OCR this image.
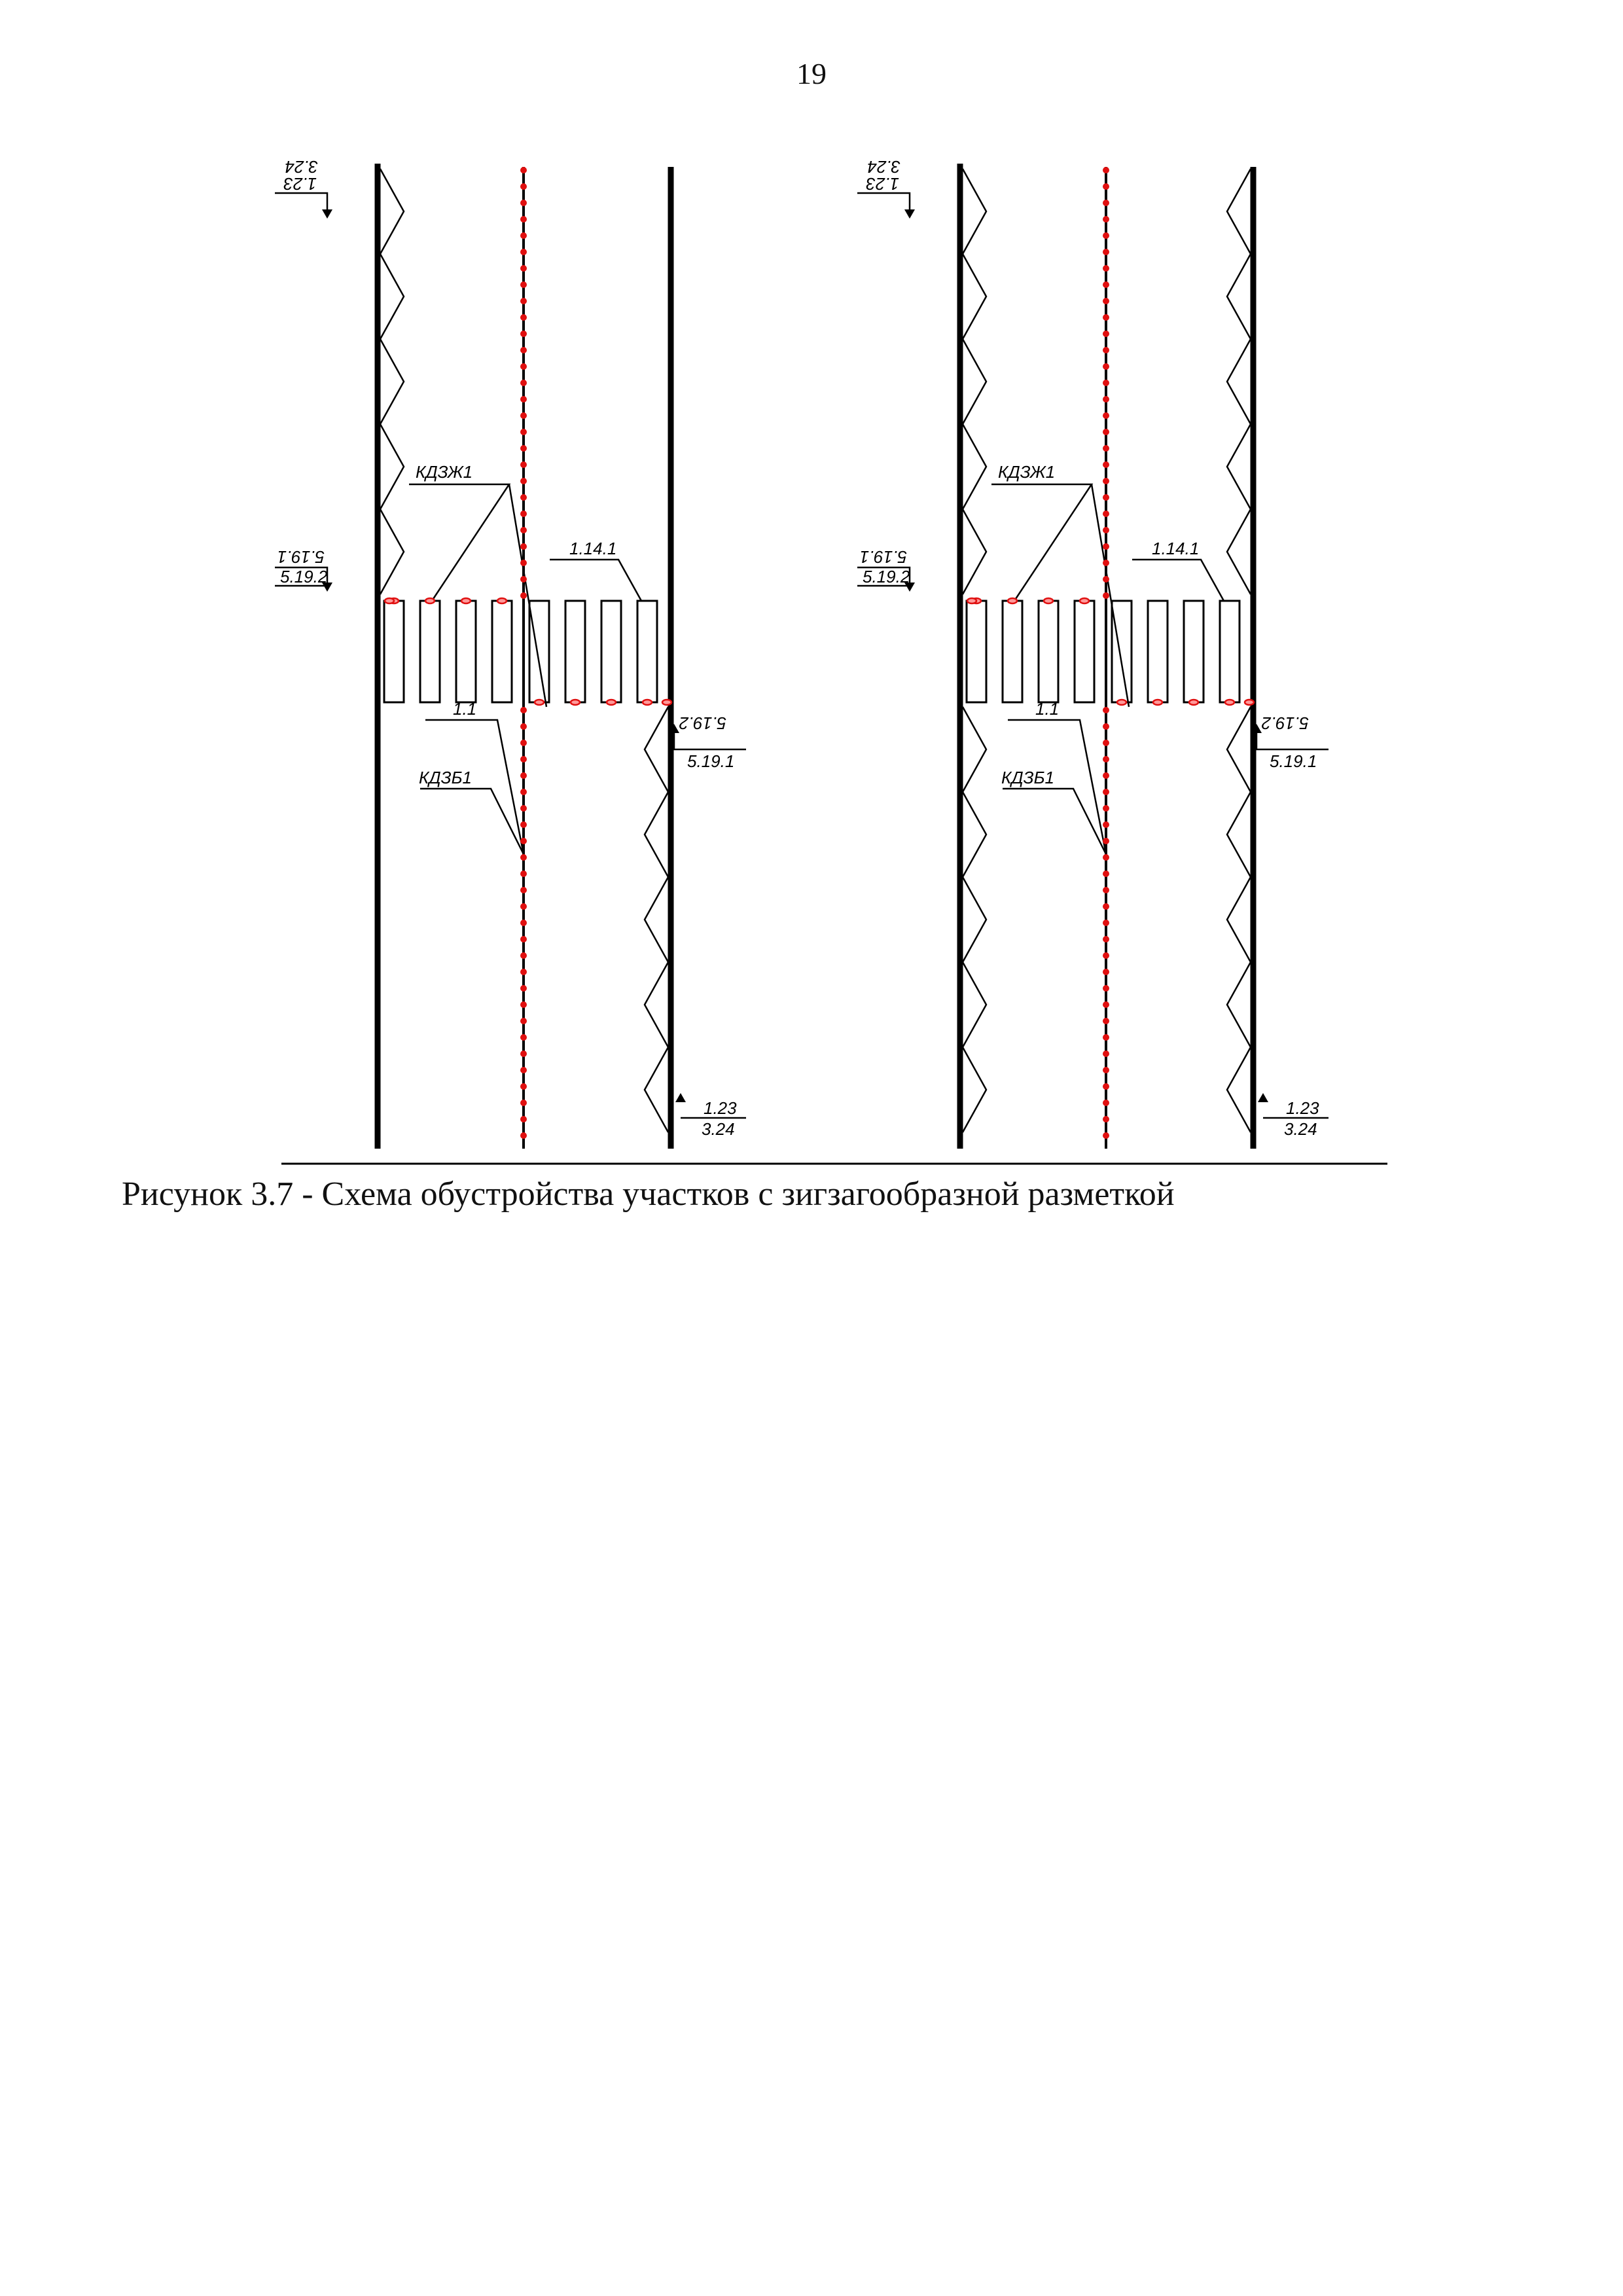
19
1.23
3.24
5.19.1
5.19.2
КДЗЖ1
1.14.1
1.1
КДЗБ1
5.19.2
5.19.1
1.23
3.24
1.23
3.24
5.19.1
5.19.2
КДЗЖ1
1.14.1
1.1
КДЗБ1
5.19.2
5.19.1
1.23
3.24
Рисунок 3.7 - Схема обустройства участков с зигзагообразной разметкой
